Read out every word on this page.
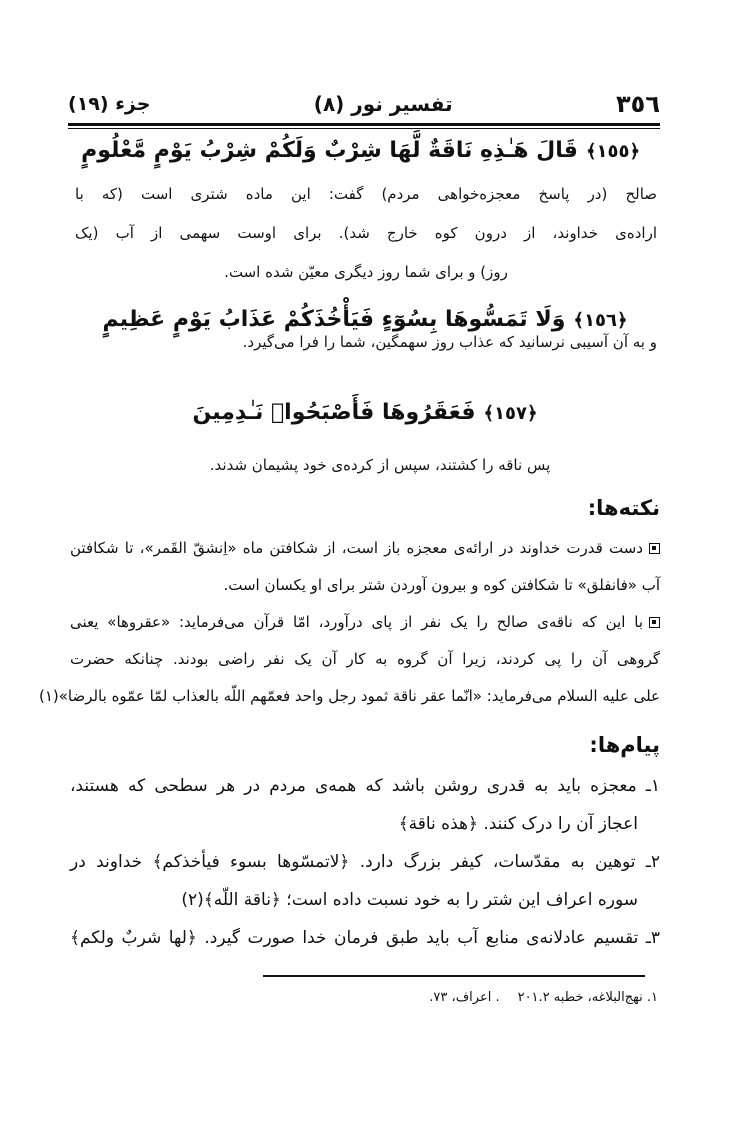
جزء (١٩)	تفسیر نور (٨)	٣٥٦
﴿١٥٥﴾قَالَ هَـٰذِهِ نَاقَةٌ لَّهَا شِرْبٌ وَلَكُمْ شِرْبُ يَوْمٍ مَّعْلُومٍ

صالح (در پاسخ معجزه‌خواهی مردم) گفت: این ماده شتری است (که با

اراده‌ی خداوند، از درون کوه خارج شد). برای اوست سهمی از آب (یک

روز) و برای شما روز دیگری معیّن شده است.

﴿١٥٦﴾وَلَا تَمَسُّوهَا بِسُوٓءٍ فَيَأْخُذَكُمْ عَذَابُ يَوْمٍ عَظِيمٍ

و به آن آسیبی نرسانید که عذاب روز سهمگین، شما را فرا می‌گیرد.

﴿١٥٧﴾فَعَقَرُوهَا فَأَصْبَحُوا۟ نَـٰدِمِينَ

پس ناقه را کشتند، سپس از کرده‌ی خود پشیمان شدند.

نکته‌ها:

دست قدرت خداوند در ارائه‌ی معجزه باز است، از شکافتن ماه «اِنشقّ القَمر»، تا شکافتن

آب «فانفلق» تا شکافتن کوه و بیرون آوردن شتر برای او یکسان است.

با این که ناقه‌ی صالح را یک نفر از پای درآورد، امّا قرآن می‌فرماید: «عقروها» یعنی

گروهی آن را پی کردند، زیرا آن گروه به کار آن یک نفر راضی بودند. چنانکه حضرت

علی علیه السلام می‌فرماید: «انّما عقر ناقة ثمود رجل واحد فعمّهم اللّه بالعذاب لمّا عمّوه بالرضا»(١)

پیام‌ها:

١ـ معجزه باید به قدری روشن باشد که همه‌ی مردم در هر سطحی که هستند،

اعجاز آن را درک کنند. ﴿هذه ناقة﴾

٢ـ توهین به مقدّسات، کیفر بزرگ دارد. ﴿لاتمسّوها بسوء فیأخذکم﴾ خداوند در

سوره اعراف این شتر را به خود نسبت داده است؛ ﴿ناقة اللّه﴾(٢)

٣ـ تقسیم عادلانه‌ی منابع آب باید طبق فرمان خدا صورت گیرد. ﴿لها شربٌ ولکم﴾

١. نهج‌البلاغه، خطبه ٢٠١.٢. اعراف، ٧٣.
